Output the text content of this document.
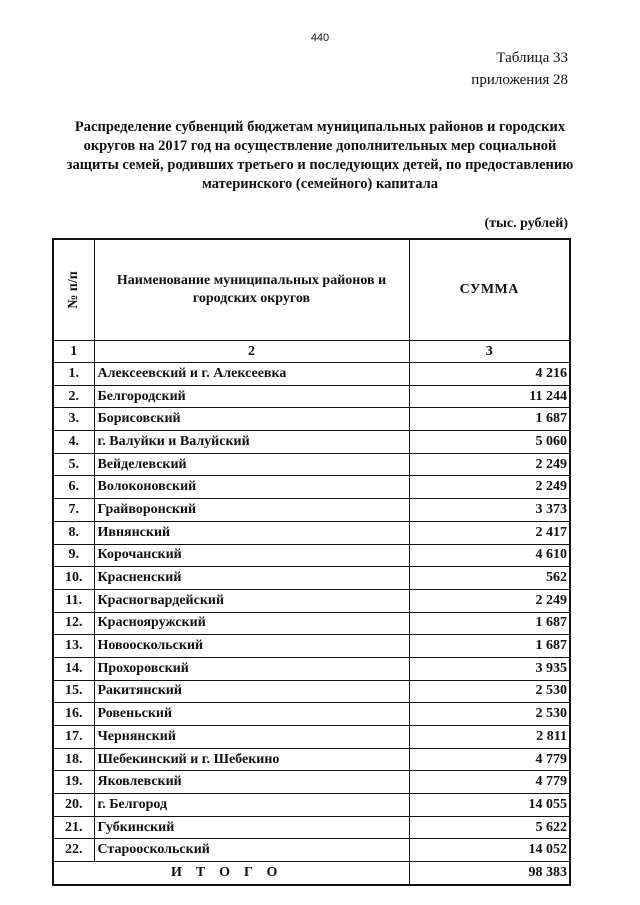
440
Таблица 33
приложения 28
Распределение субвенций бюджетам муниципальных районов и городских округов на 2017 год на осуществление дополнительных мер социальной защиты семей, родивших третьего и последующих детей, по предоставлению материнского (семейного) капитала
(тыс. рублей)
№ п/п	Наименование муниципальных районов и городских округов	СУММА
1	2	3
1.	Алексеевский и г. Алексеевка	4 216
2.	Белгородский	11 244
3.	Борисовский	1 687
4.	г. Валуйки и Валуйский	5 060
5.	Вейделевский	2 249
6.	Волоконовский	2 249
7.	Грайворонский	3 373
8.	Ивнянский	2 417
9.	Корочанский	4 610
10.	Красненский	562
11.	Красногвардейский	2 249
12.	Краснояружский	1 687
13.	Новооскольский	1 687
14.	Прохоровский	3 935
15.	Ракитянский	2 530
16.	Ровеньский	2 530
17.	Чернянский	2 811
18.	Шебекинский и г. Шебекино	4 779
19.	Яковлевский	4 779
20.	г. Белгород	14 055
21.	Губкинский	5 622
22.	Старооскольский	14 052
ИТОГО		98 383
